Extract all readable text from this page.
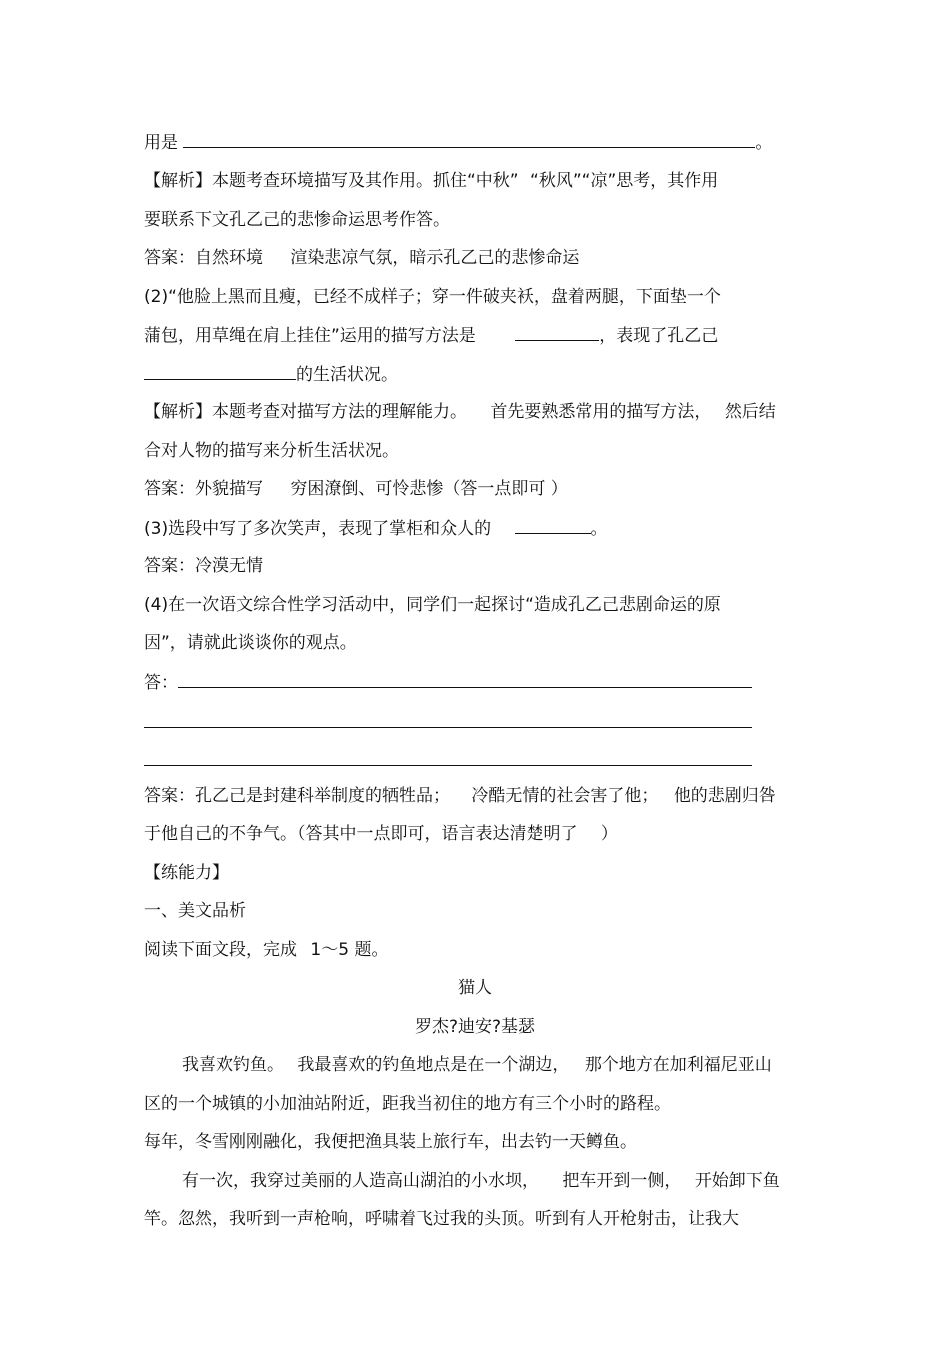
用是	。
【解析】本题考查环境描写及其作用。抓住“中秋” “秋风”“凉”思考，其作用
要联系下文孔乙己的悲惨命运思考作答。
答案：自然环境 渲染悲凉气氛，暗示孔乙己的悲惨命运
(2)“他脸上黑而且瘦，已经不成样子；穿一件破夹袄，盘着两腿，下面垫一个
蒲包，用草绳在肩上挂住”运用的描写方法是	，表现了孔乙己
的生活状况。
【解析】本题考查对描写方法的理解能力。 首先要熟悉常用的描写方法， 然后结
合对人物的描写来分析生活状况。
答案：外貌描写 穷困潦倒、可怜悲惨（答一点即可 ）
(3)选段中写了多次笑声，表现了掌柜和众人的	。
答案：冷漠无情
(4)在一次语文综合性学习活动中，同学们一起探讨“造成孔乙己悲剧命运的原
因”，请就此谈谈你的观点。
答：
答案：孔乙己是封建科举制度的牺牲品； 冷酷无情的社会害了他； 他的悲剧归咎
于他自己的不争气。（答其中一点即可，语言表达清楚明了 ）
【练能力】
一、美文品析
阅读下面文段，完成 1～5 题。
猫人
罗杰?迪安?基瑟
我喜欢钓鱼。 我最喜欢的钓鱼地点是在一个湖边， 那个地方在加利福尼亚山
区的一个城镇的小加油站附近，距我当初住的地方有三个小时的路程。
每年，冬雪刚刚融化，我便把渔具装上旅行车，出去钓一天鳟鱼。
有一次，我穿过美丽的人造高山湖泊的小水坝， 把车开到一侧， 开始卸下鱼
竿。忽然，我听到一声枪响，呼啸着飞过我的头顶。听到有人开枪射击，让我大
